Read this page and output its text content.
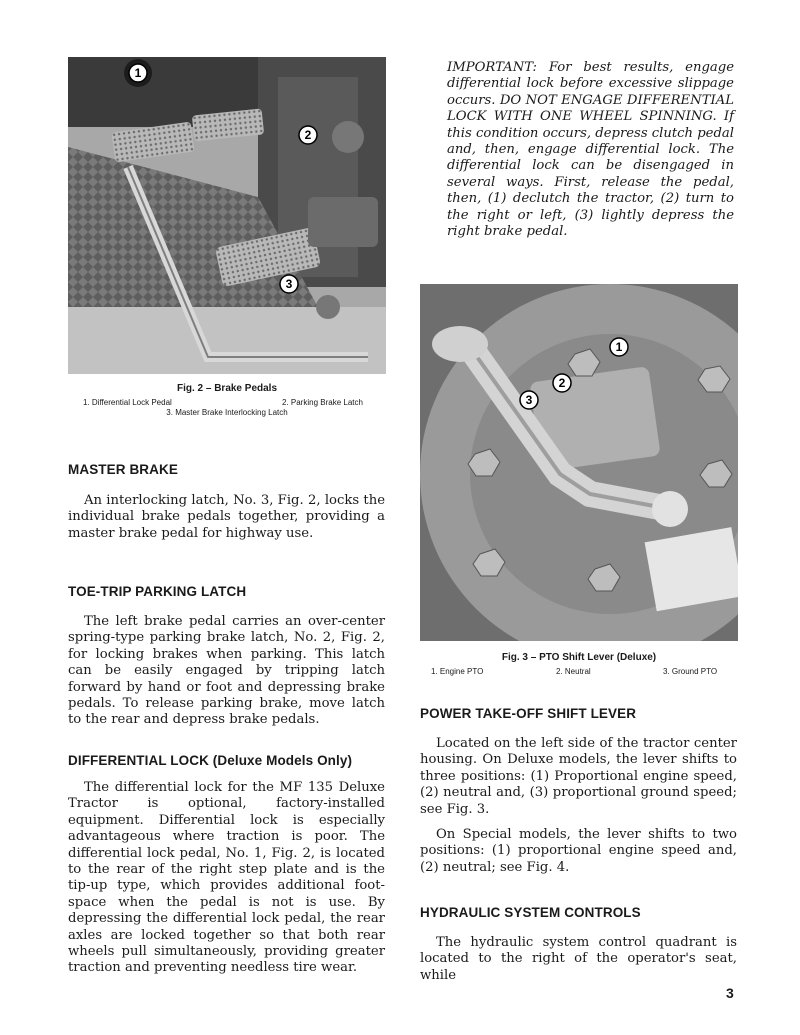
1
2
3
Fig. 2 – Brake Pedals
1. Differential Lock Pedal	2. Parking Brake Latch
3. Master Brake Interlocking Latch
IMPORTANT: For best results, engage differential lock before excessive slippage occurs. DO NOT ENGAGE DIFFERENTIAL LOCK WITH ONE WHEEL SPINNING. If this condition occurs, depress clutch pedal and, then, engage differential lock. The differential lock can be disengaged in several ways. First, release the pedal, then, (1) declutch the tractor, (2) turn to the right or left, (3) lightly depress the right brake pedal.
1
2
3
Fig. 3 – PTO Shift Lever (Deluxe)
1. Engine PTO	2. Neutral	3. Ground PTO
MASTER BRAKE
An interlocking latch, No. 3, Fig. 2, locks the individual brake pedals together, providing a master brake pedal for highway use.
TOE-TRIP PARKING LATCH
The left brake pedal carries an over-center spring-type parking brake latch, No. 2, Fig. 2, for locking brakes when parking. This latch can be easily engaged by tripping latch forward by hand or foot and depressing brake pedals. To release parking brake, move latch to the rear and depress brake pedals.
DIFFERENTIAL LOCK (Deluxe Models Only)
The differential lock for the MF 135 Deluxe Tractor is optional, factory-installed equipment. Differential lock is especially advantageous where traction is poor. The differential lock pedal, No. 1, Fig. 2, is located to the rear of the right step plate and is the tip-up type, which provides additional foot-space when the pedal is not is use. By depressing the differential lock pedal, the rear axles are locked together so that both rear wheels pull simultaneously, providing greater traction and preventing needless tire wear.
POWER TAKE-OFF SHIFT LEVER
Located on the left side of the tractor center housing. On Deluxe models, the lever shifts to three positions: (1) Proportional engine speed, (2) neutral and, (3) proportional ground speed; see Fig. 3.
On Special models, the lever shifts to two positions: (1) proportional engine speed and, (2) neutral; see Fig. 4.
HYDRAULIC SYSTEM CONTROLS
The hydraulic system control quadrant is located to the right of the operator's seat, while
3
